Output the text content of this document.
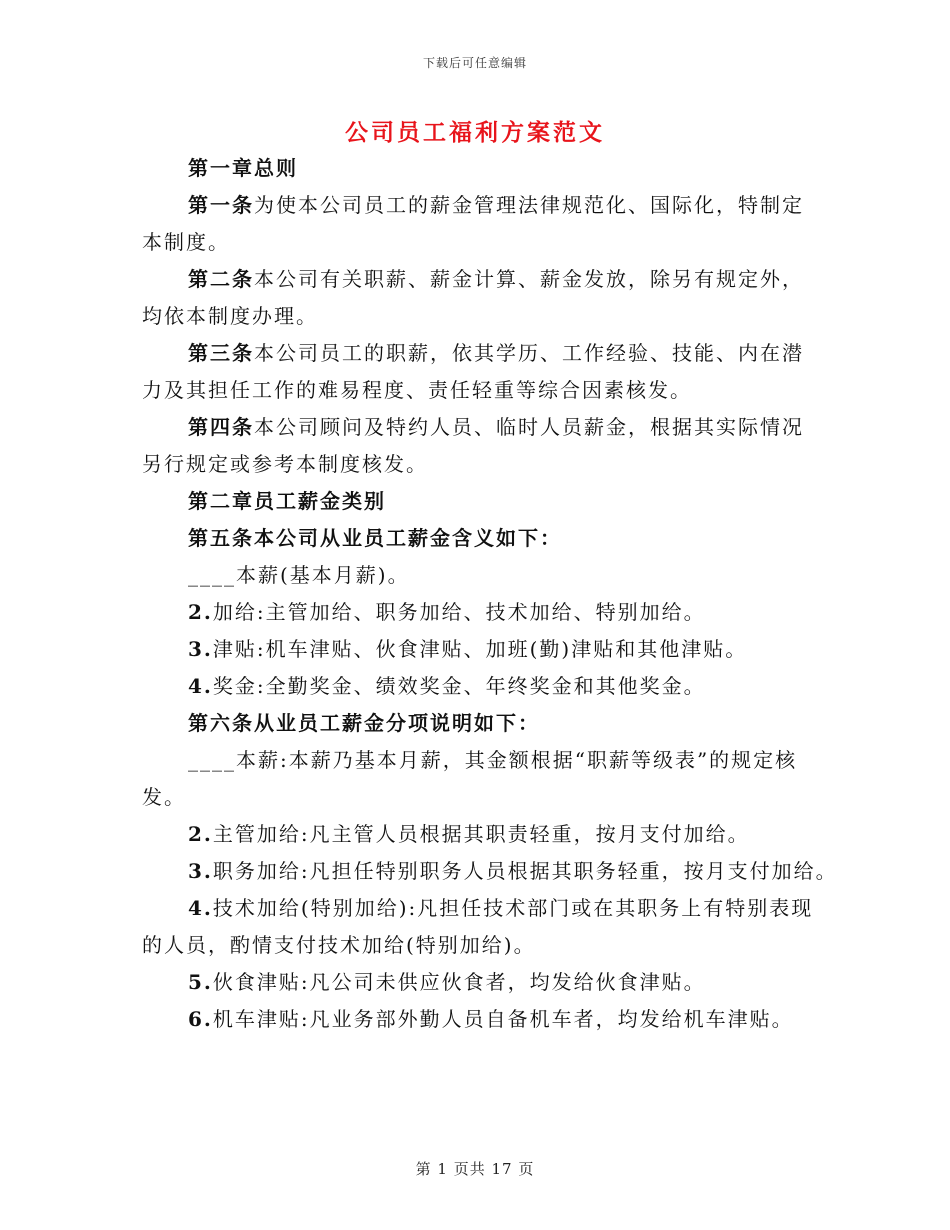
下载后可任意编辑
公司员工福利方案范文
第一章总则
第一条为使本公司员工的薪金管理法律规范化、国际化，特制定
本制度。
第二条本公司有关职薪、薪金计算、薪金发放，除另有规定外，
均依本制度办理。
第三条本公司员工的职薪，依其学历、工作经验、技能、内在潜
力及其担任工作的难易程度、责任轻重等综合因素核发。
第四条本公司顾问及特约人员、临时人员薪金，根据其实际情况
另行规定或参考本制度核发。
第二章员工薪金类别
第五条本公司从业员工薪金含义如下：
____本薪(基本月薪)。
2.加给:主管加给、职务加给、技术加给、特别加给。
3.津贴:机车津贴、伙食津贴、加班(勤)津贴和其他津贴。
4.奖金:全勤奖金、绩效奖金、年终奖金和其他奖金。
第六条从业员工薪金分项说明如下：
____本薪:本薪乃基本月薪，其金额根据“职薪等级表”的规定核
发。
2.主管加给:凡主管人员根据其职责轻重，按月支付加给。
3.职务加给:凡担任特别职务人员根据其职务轻重，按月支付加给。
4.技术加给(特别加给):凡担任技术部门或在其职务上有特别表现
的人员，酌情支付技术加给(特别加给)。
5.伙食津贴:凡公司未供应伙食者，均发给伙食津贴。
6.机车津贴:凡业务部外勤人员自备机车者，均发给机车津贴。
第 1 页共 17 页
